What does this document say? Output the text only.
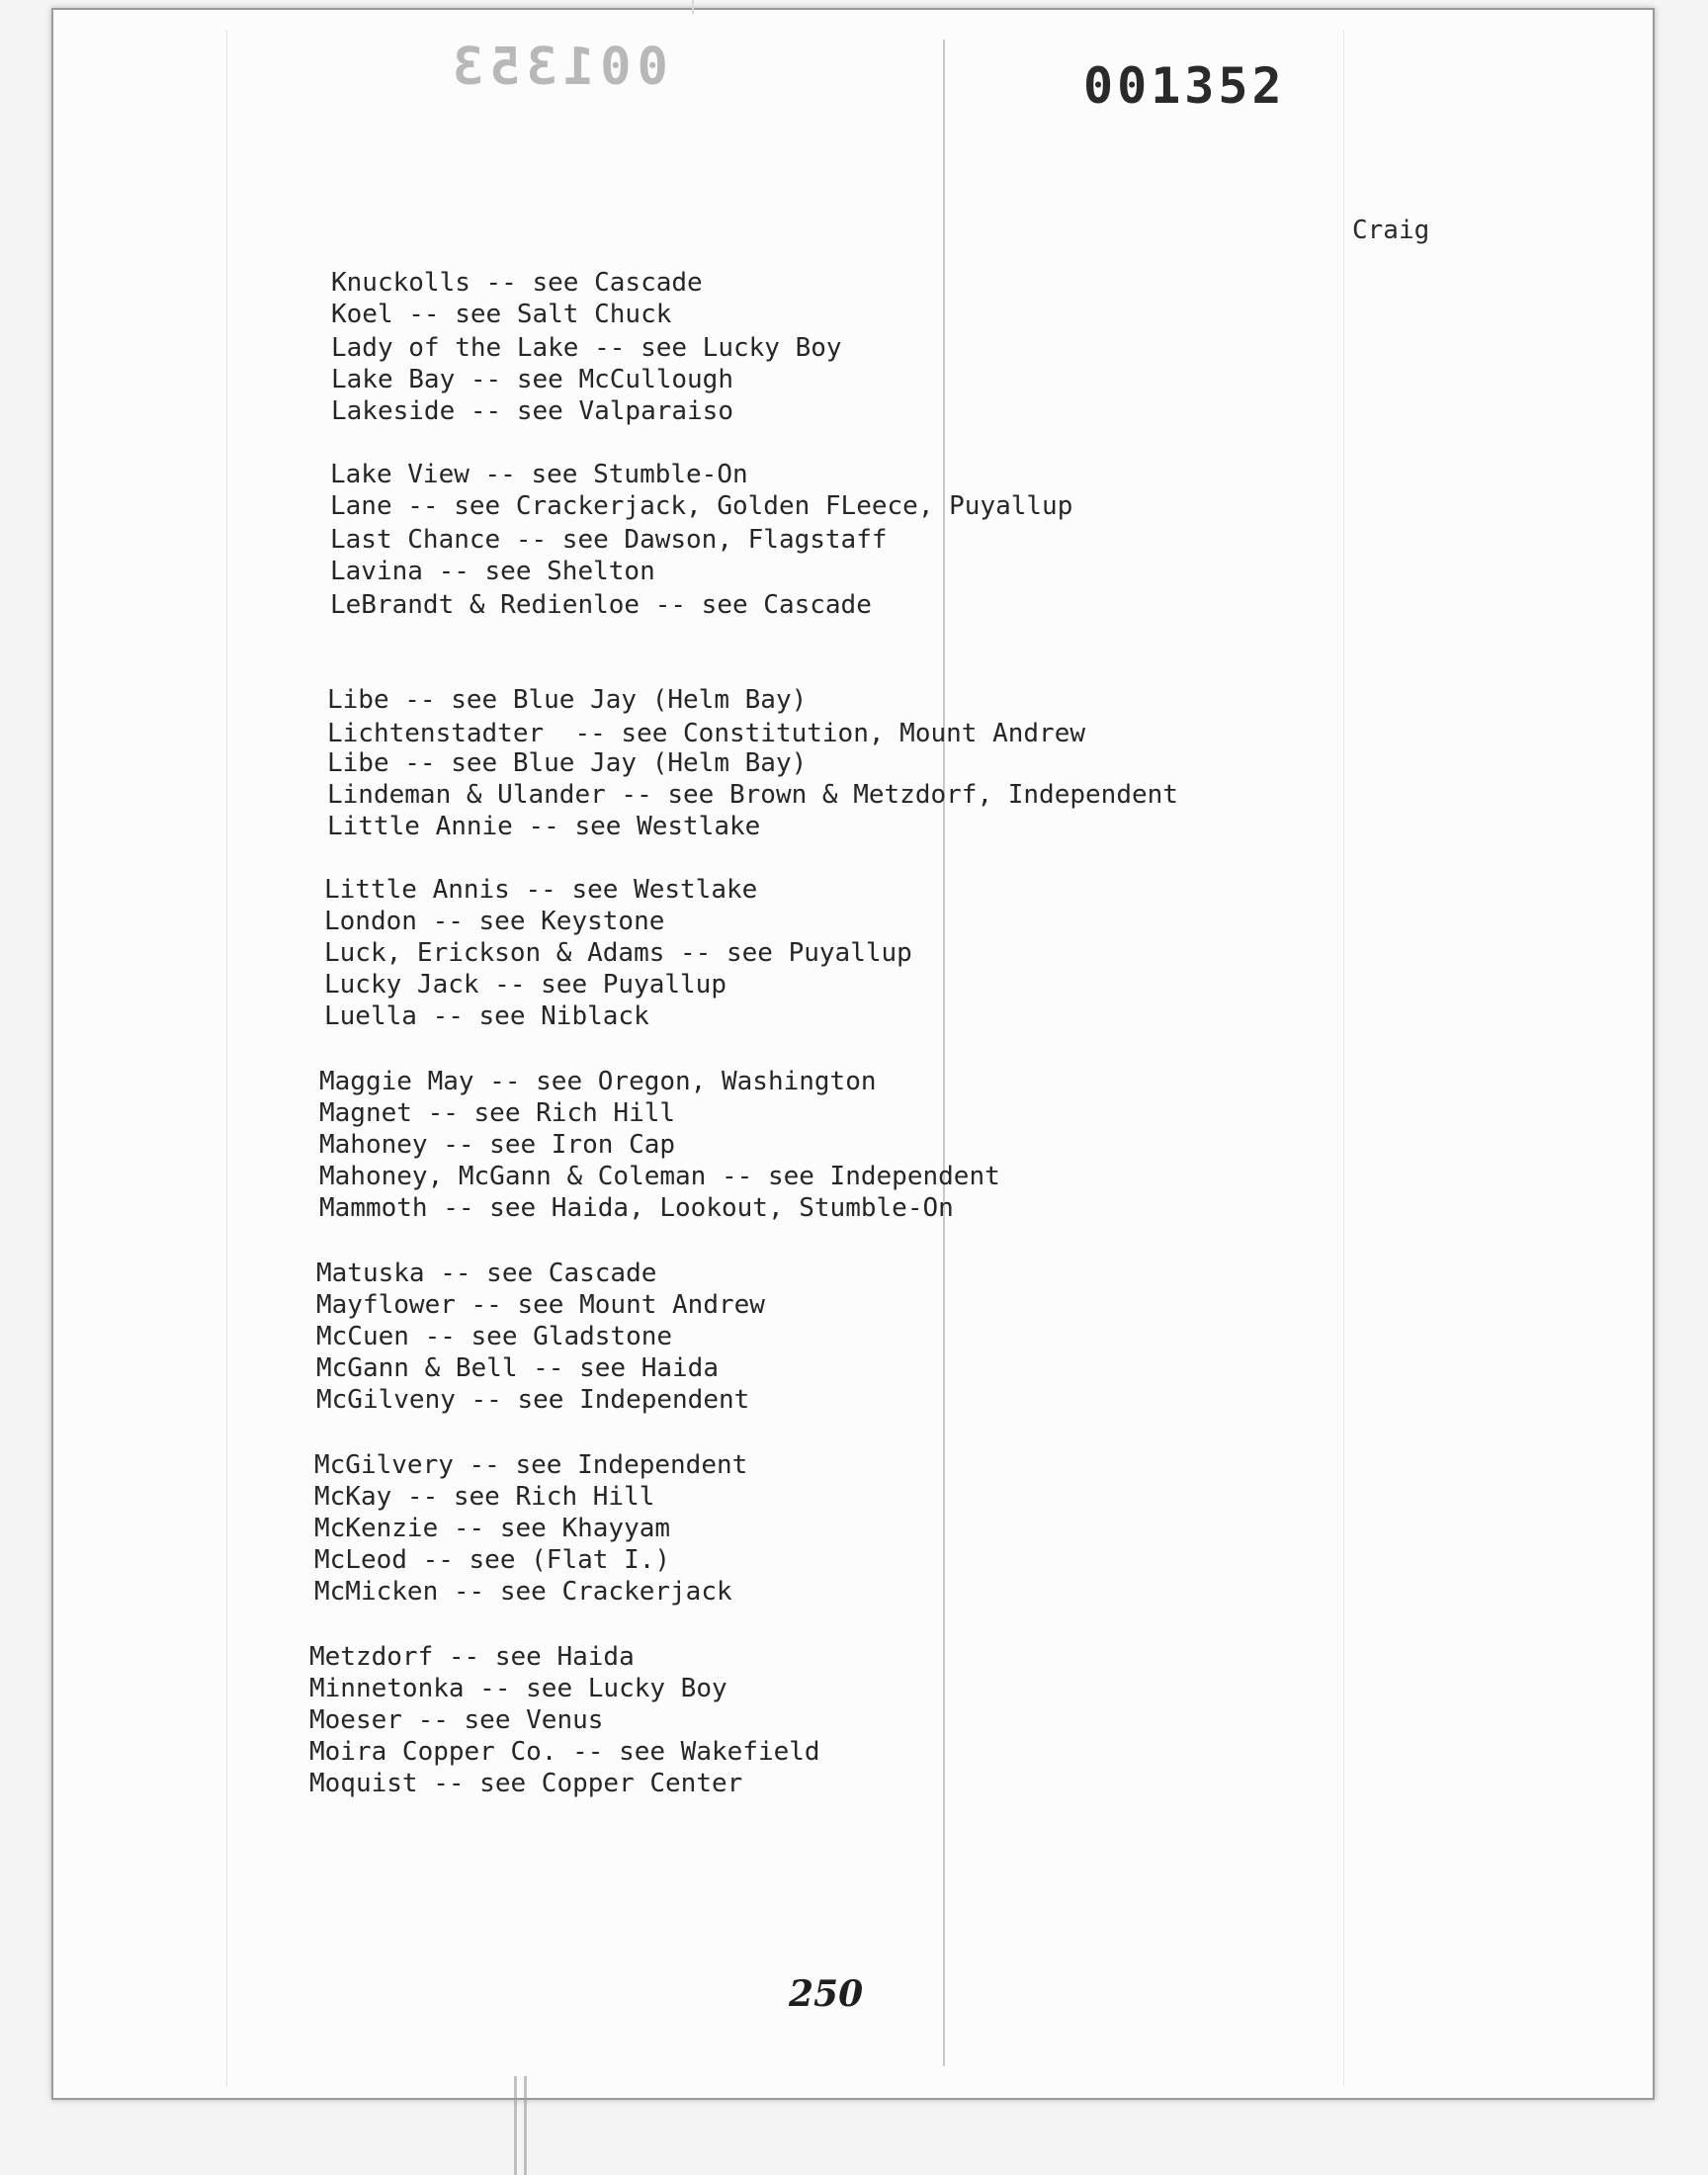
001353	001352
Craig
Knuckolls -- see Cascade
Koel -- see Salt Chuck
Lady of the Lake -- see Lucky Boy
Lake Bay -- see McCullough
Lakeside -- see Valparaiso
Lake View -- see Stumble-On
Lane -- see Crackerjack, Golden FLeece, Puyallup
Last Chance -- see Dawson, Flagstaff
Lavina -- see Shelton
LeBrandt & Redienloe -- see Cascade
Libe -- see Blue Jay (Helm Bay)
Lichtenstadter  -- see Constitution, Mount Andrew
Libe -- see Blue Jay (Helm Bay)
Lindeman & Ulander -- see Brown & Metzdorf, Independent
Little Annie -- see Westlake
Little Annis -- see Westlake
London -- see Keystone
Luck, Erickson & Adams -- see Puyallup
Lucky Jack -- see Puyallup
Luella -- see Niblack
Maggie May -- see Oregon, Washington
Magnet -- see Rich Hill
Mahoney -- see Iron Cap
Mahoney, McGann & Coleman -- see Independent
Mammoth -- see Haida, Lookout, Stumble-On
Matuska -- see Cascade
Mayflower -- see Mount Andrew
McCuen -- see Gladstone
McGann & Bell -- see Haida
McGilveny -- see Independent
McGilvery -- see Independent
McKay -- see Rich Hill
McKenzie -- see Khayyam
McLeod -- see (Flat I.)
McMicken -- see Crackerjack
Metzdorf -- see Haida
Minnetonka -- see Lucky Boy
Moeser -- see Venus
Moira Copper Co. -- see Wakefield
Moquist -- see Copper Center
250
